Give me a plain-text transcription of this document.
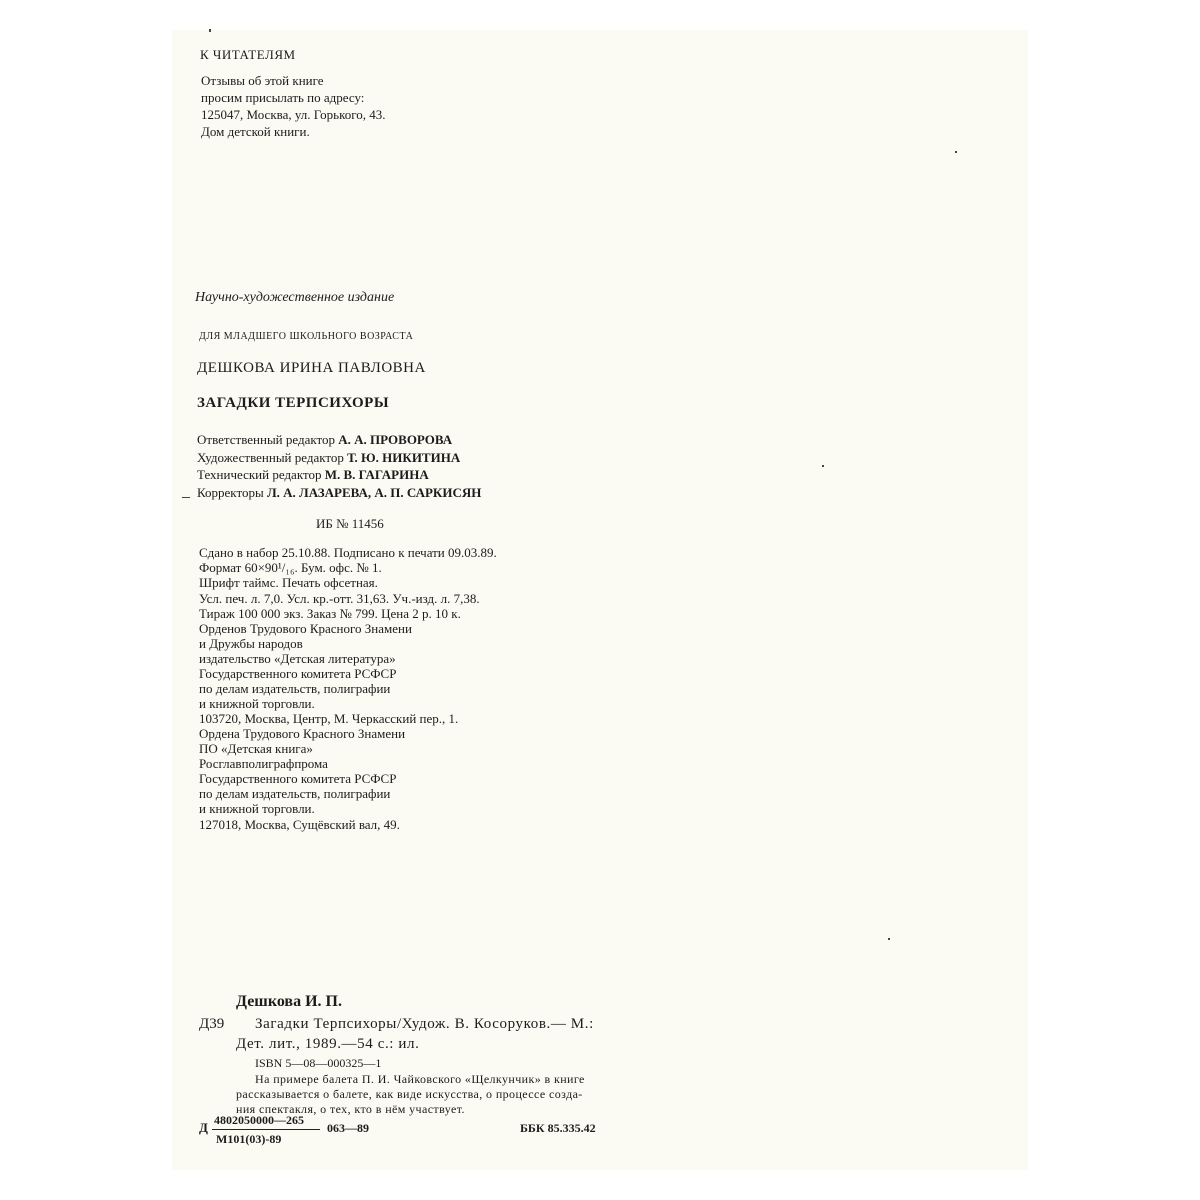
К ЧИТАТЕЛЯМ
Отзывы об этой книге
просим присылать по адресу:
125047, Москва, ул. Горького, 43.
Дом детской книги.
Научно-художественное издание
ДЛЯ МЛАДШЕГО ШКОЛЬНОГО ВОЗРАСТА
ДЕШКОВА ИРИНА ПАВЛОВНА
ЗАГАДКИ ТЕРПСИХОРЫ
Ответственный редактор А. А. ПРОВОРОВА
Художественный редактор Т. Ю. НИКИТИНА
Технический редактор М. В. ГАГАРИНА
Корректоры Л. А. ЛАЗАРЕВА, А. П. САРКИСЯН
ИБ № 11456
Сдано в набор 25.10.88. Подписано к печати 09.03.89.
Формат 60×90¹/₁₆. Бум. офс. № 1.
Шрифт таймс. Печать офсетная.
Усл. печ. л. 7,0. Усл. кр.-отт. 31,63. Уч.-изд. л. 7,38.
Тираж 100 000 экз. Заказ № 799. Цена 2 р. 10 к.
Орденов Трудового Красного Знамени
и Дружбы народов
издательство «Детская литература»
Государственного комитета РСФСР
по делам издательств, полиграфии
и книжной торговли.
103720, Москва, Центр, М. Черкасский пер., 1.
Ордена Трудового Красного Знамени
ПО «Детская книга»
Росглавполиграфпрома
Государственного комитета РСФСР
по делам издательств, полиграфии
и книжной торговли.
127018, Москва, Сущёвский вал, 49.
Дешкова И. П.
Д39 Загадки Терпсихоры/Худож. В. Косоруков.— М.:
Дет. лит., 1989.—54 с.: ил.
ISBN 5—08—000325—1
На примере балета П. И. Чайковского «Щелкунчик» в книге
рассказывается о балете, как виде искусства, о процессе созда-
ния спектакля, о тех, кто в нём участвует.
Д 4802050000—265
М101(03)-89
063—89	ББК 85.335.42
